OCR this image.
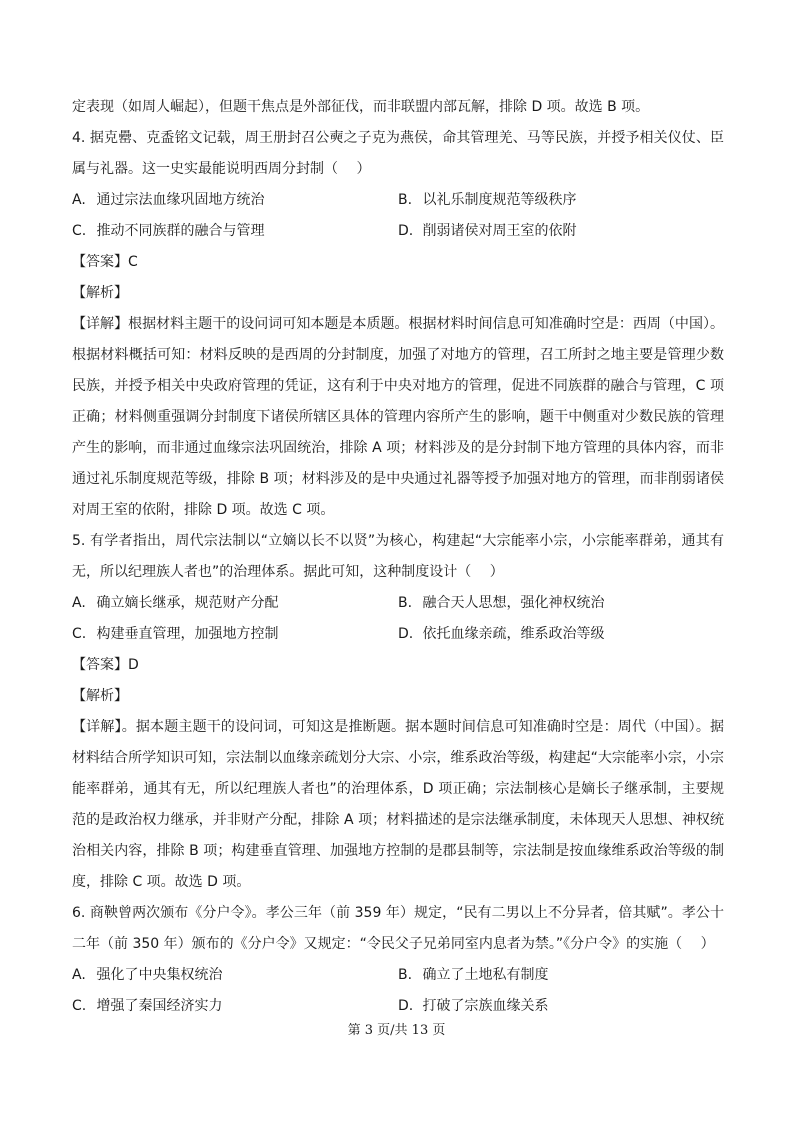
定表现（如周人崛起），但题干焦点是外部征伐，而非联盟内部瓦解，排除 D 项。故选 B 项。

4. 据克罍、克盉铭文记载，周王册封召公奭之子克为燕侯，命其管理羌、马等民族，并授予相关仪仗、臣属与礼器。这一史实最能说明西周分封制（　 ）

A. 通过宗法血缘巩固地方统治	B. 以礼乐制度规范等级秩序

C. 推动不同族群的融合与管理	D. 削弱诸侯对周王室的依附

【答案】C

【解析】

【详解】根据材料主题干的设问词可知本题是本质题。根据材料时间信息可知准确时空是：西周（中国）。根据材料概括可知：材料反映的是西周的分封制度，加强了对地方的管理，召工所封之地主要是管理少数民族，并授予相关中央政府管理的凭证，这有利于中央对地方的管理，促进不同族群的融合与管理，C 项正确；材料侧重强调分封制度下诸侯所辖区具体的管理内容所产生的影响，题干中侧重对少数民族的管理产生的影响，而非通过血缘宗法巩固统治，排除 A 项；材料涉及的是分封制下地方管理的具体内容，而非通过礼乐制度规范等级，排除 B 项；材料涉及的是中央通过礼器等授予加强对地方的管理，而非削弱诸侯对周王室的依附，排除 D 项。故选 C 项。

5. 有学者指出，周代宗法制以“立嫡以长不以贤”为核心，构建起“大宗能率小宗，小宗能率群弟，通其有无，所以纪理族人者也”的治理体系。据此可知，这种制度设计（　 ）

A. 确立嫡长继承，规范财产分配	B. 融合天人思想，强化神权统治

C. 构建垂直管理，加强地方控制	D. 依托血缘亲疏，维系政治等级

【答案】D

【解析】

【详解】。据本题主题干的设问词，可知这是推断题。据本题时间信息可知准确时空是：周代（中国）。据材料结合所学知识可知，宗法制以血缘亲疏划分大宗、小宗，维系政治等级，构建起“大宗能率小宗，小宗能率群弟，通其有无，所以纪理族人者也”的治理体系，D 项正确；宗法制核心是嫡长子继承制，主要规范的是政治权力继承，并非财产分配，排除 A 项；材料描述的是宗法继承制度，未体现天人思想、神权统治相关内容，排除 B 项；构建垂直管理、加强地方控制的是郡县制等，宗法制是按血缘维系政治等级的制度，排除 C 项。故选 D 项。

6. 商鞅曾两次颁布《分户令》。孝公三年（前 359 年）规定，“民有二男以上不分异者，倍其赋”。孝公十二年（前 350 年）颁布的《分户令》又规定：“令民父子兄弟同室内息者为禁。”《分户令》的实施（　 ）

A. 强化了中央集权统治	B. 确立了土地私有制度

C. 增强了秦国经济实力	D. 打破了宗族血缘关系

第 3 页/共 13 页
